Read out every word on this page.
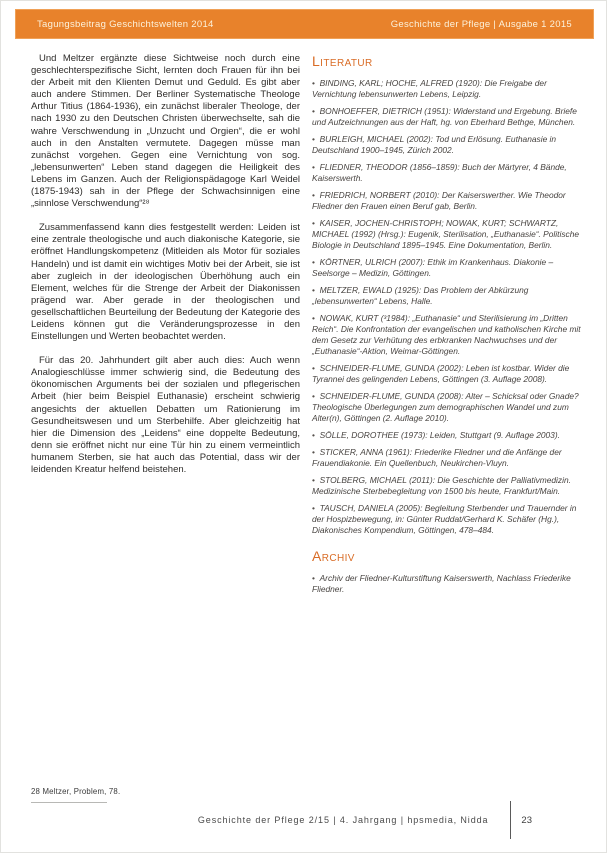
Tagungsbeitrag Geschichtswelten 2014	Geschichte der Pflege | Ausgabe 1 2015

Und Meltzer ergänzte diese Sichtweise noch durch eine geschlechterspezifische Sicht, lernten doch Frauen für ihn bei der Arbeit mit den Klienten Demut und Geduld. Es gibt aber auch andere Stimmen. Der Berliner Systematische Theologe Arthur Titius (1864-1936), ein zunächst liberaler Theologe, der nach 1930 zu den Deutschen Christen überwechselte, sah die wahre Verschwendung in „Unzucht und Orgien“, die er wohl auch in den Anstalten vermutete. Dagegen müsse man zunächst vorgehen. Gegen eine Vernichtung von sog. „lebensunwerten“ Leben stand dagegen die Heiligkeit des Lebens im Ganzen. Auch der Religionspädagoge Karl Weidel (1875-1943) sah in der Pflege der Schwachsinnigen eine „sinnlose Verschwendung“²⁸

Zusammenfassend kann dies festgestellt werden: Leiden ist eine zentrale theologische und auch diakonische Kategorie, sie eröffnet Handlungskompetenz (Mitleiden als Motor für soziales Handeln) und ist damit ein wichtiges Motiv bei der Arbeit, sie ist aber zugleich in der ideologischen Überhöhung auch ein Element, welches für die Strenge der Arbeit der Diakonissen prägend war. Aber gerade in der theologischen und gesellschaftlichen Beurteilung der Bedeutung der Kategorie des Leidens können gut die Veränderungsprozesse in den Einstellungen und Werten beobachtet werden.

Für das 20. Jahrhundert gilt aber auch dies: Auch wenn Analogieschlüsse immer schwierig sind, die Bedeutung des ökonomischen Arguments bei der sozialen und pflegerischen Arbeit (hier beim Beispiel Euthanasie) erscheint schwierig angesichts der aktuellen Debatten um Rationierung im Gesundheitswesen und um Sterbehilfe. Aber gleichzeitig hat hier die Dimension des „Leidens“ eine doppelte Bedeutung, denn sie eröffnet nicht nur eine Tür hin zu einem vermeintlich humanem Sterben, sie hat auch das Potential, dass wir der leidenden Kreatur helfend beistehen.

Literatur
•  BINDING, KARL; HOCHE, ALFRED (1920): Die Freigabe der Vernichtung lebensunwerten Lebens, Leipzig.
•  BONHOEFFER, DIETRICH (1951): Widerstand und Ergebung. Briefe und Aufzeichnungen aus der Haft, hg. von Eberhard Bethge, München.
•  BURLEIGH, MICHAEL (2002): Tod und Erlösung. Euthanasie in Deutschland 1900–1945, Zürich 2002.
•  FLIEDNER, THEODOR (1856–1859): Buch der Märtyrer, 4 Bände, Kaiserswerth.
•  FRIEDRICH, NORBERT (2010): Der Kaiserswerther. Wie Theodor Fliedner den Frauen einen Beruf gab, Berlin.
•  KAISER, JOCHEN-CHRISTOPH; NOWAK, KURT; SCHWARTZ, MICHAEL (1992) (Hrsg.): Eugenik, Sterilisation, „Euthanasie“. Politische Biologie in Deutschland 1895–1945. Eine Dokumentation, Berlin.
•  KÖRTNER, ULRICH (2007): Ethik im Krankenhaus. Diakonie – Seelsorge – Medizin, Göttingen.
•  MELTZER, EWALD (1925): Das Problem der Abkürzung „lebensunwerten“ Lebens, Halle.
•  NOWAK, KURT (³1984): „Euthanasie“ und Sterilisierung im „Dritten Reich“. Die Konfrontation der evangelischen und katholischen Kirche mit dem Gesetz zur Verhütung des erbkranken Nachwuchses und der „Euthanasie“-Aktion, Weimar-Göttingen.
•  SCHNEIDER-FLUME, GUNDA (2002): Leben ist kostbar. Wider die Tyrannei des gelingenden Lebens, Göttingen (3. Auflage 2008).
•  SCHNEIDER-FLUME, GUNDA (2008): Alter – Schicksal oder Gnade? Theologische Überlegungen zum demographischen Wandel und zum Alter(n), Göttingen (2. Auflage 2010).
•  SÖLLE, DOROTHEE (1973): Leiden, Stuttgart (9. Auflage 2003).
•  STICKER, ANNA (1961): Friederike Fliedner und die Anfänge der Frauendiakonie. Ein Quellenbuch, Neukirchen-Vluyn.
•  STOLBERG, MICHAEL (2011): Die Geschichte der Palliativmedizin. Medizinische Sterbebegleitung von 1500 bis heute, Frankfurt/Main.
•  TAUSCH, DANIELA (2005): Begleitung Sterbender und Trauernder in der Hospizbewegung, in: Günter Ruddat/Gerhard K. Schäfer (Hg.), Diakonisches Kompendium, Göttingen, 478–484.
Archiv
•  Archiv der Fliedner-Kulturstiftung Kaiserswerth, Nachlass Friederike Fliedner.
28 Meltzer, Problem, 78.
Geschichte der Pflege 2/15 | 4. Jahrgang | hpsmedia, Nidda	23
